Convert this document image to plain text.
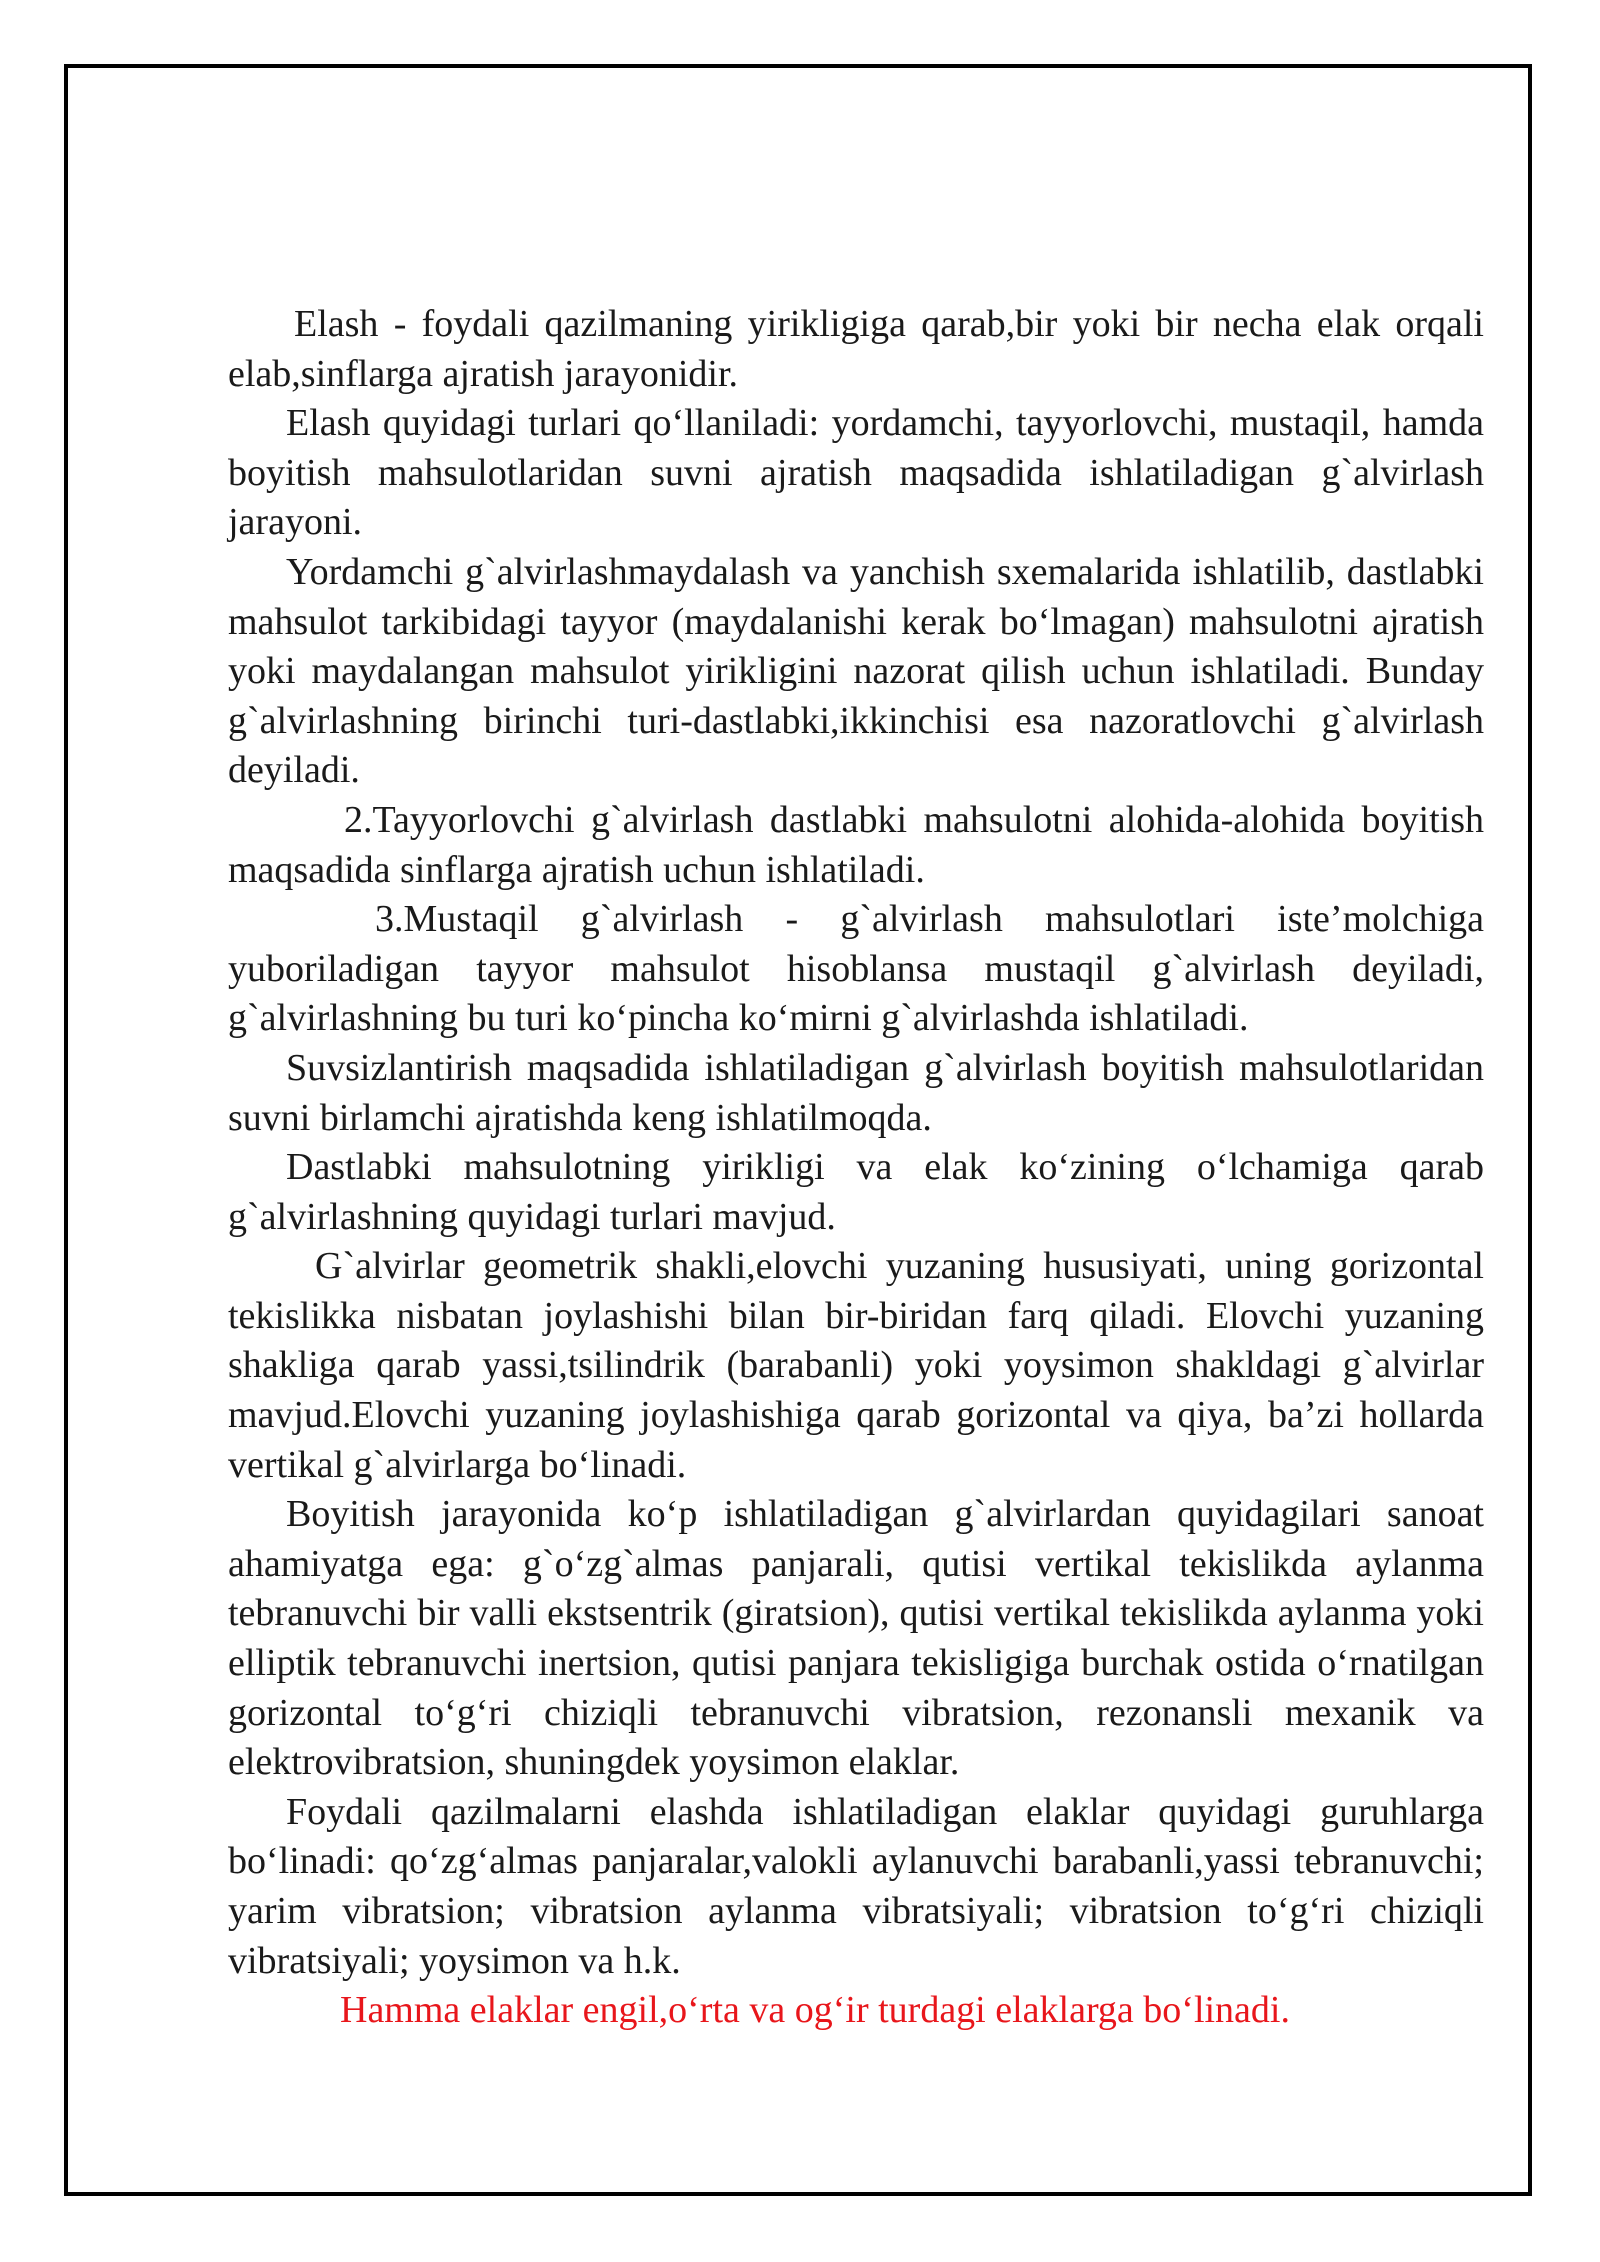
Elash - foydali qazilmaning yirikligiga qarab,bir yoki bir necha elak orqali elab,sinflarga ajratish jarayonidir.

Elash quyidagi turlari qoʻllaniladi: yordamchi, tayyorlovchi, mustaqil, hamda boyitish mahsulotlaridan suvni ajratish maqsadida ishlatiladigan g`alvirlash jarayoni.

Yordamchi g`alvirlashmaydalash va yanchish sxemalarida ishlatilib, dastlabki mahsulot tarkibidagi tayyor (maydalanishi kerak boʻlmagan) mahsulotni ajratish yoki maydalangan mahsulot yirikligini nazorat qilish uchun ishlatiladi. Bunday g`alvirlashning birinchi turi-dastlabki,ikkinchisi esa nazoratlovchi g`alvirlash deyiladi.

2.Tayyorlovchi g`alvirlash dastlabki mahsulotni alohida-alohida boyitish maqsadida sinflarga ajratish uchun ishlatiladi.

3.Mustaqil g`alvirlash - g`alvirlash mahsulotlari iste’molchiga yuboriladigan tayyor mahsulot hisoblansa mustaqil g`alvirlash deyiladi, g`alvirlashning bu turi koʻpincha koʻmirni g`alvirlashda ishlatiladi.

Suvsizlantirish maqsadida ishlatiladigan g`alvirlash boyitish mahsulotlaridan suvni birlamchi ajratishda keng ishlatilmoqda.

Dastlabki mahsulotning yirikligi va elak koʻzining oʻlchamiga qarab g`alvirlashning quyidagi turlari mavjud.

G`alvirlar geometrik shakli,elovchi yuzaning hususiyati, uning gorizontal tekislikka nisbatan joylashishi bilan bir-biridan farq qiladi. Elovchi yuzaning shakliga qarab yassi,tsilindrik (barabanli) yoki yoysimon shakldagi g`alvirlar mavjud.Elovchi yuzaning joylashishiga qarab gorizontal va qiya, ba’zi hollarda vertikal g`alvirlarga boʻlinadi.

Boyitish jarayonida koʻp ishlatiladigan g`alvirlardan quyidagilari sanoat ahamiyatga ega: g`oʻzg`almas panjarali, qutisi vertikal tekislikda aylanma tebranuvchi bir valli ekstsentrik (giratsion), qutisi vertikal tekislikda aylanma yoki elliptik tebranuvchi inertsion, qutisi panjara tekisligiga burchak ostida oʻrnatilgan gorizontal toʻgʻri chiziqli tebranuvchi vibratsion, rezonansli mexanik va elektrovibratsion, shuningdek yoysimon elaklar.

Foydali qazilmalarni elashda ishlatiladigan elaklar quyidagi guruhlarga boʻlinadi: qoʻzgʻalmas panjaralar,valokli aylanuvchi barabanli,yassi tebranuvchi; yarim vibratsion; vibratsion aylanma vibratsiyali; vibratsion toʻgʻri chiziqli vibratsiyali; yoysimon va h.k.

Hamma elaklar engil,oʻrta va ogʻir turdagi elaklarga boʻlinadi.
